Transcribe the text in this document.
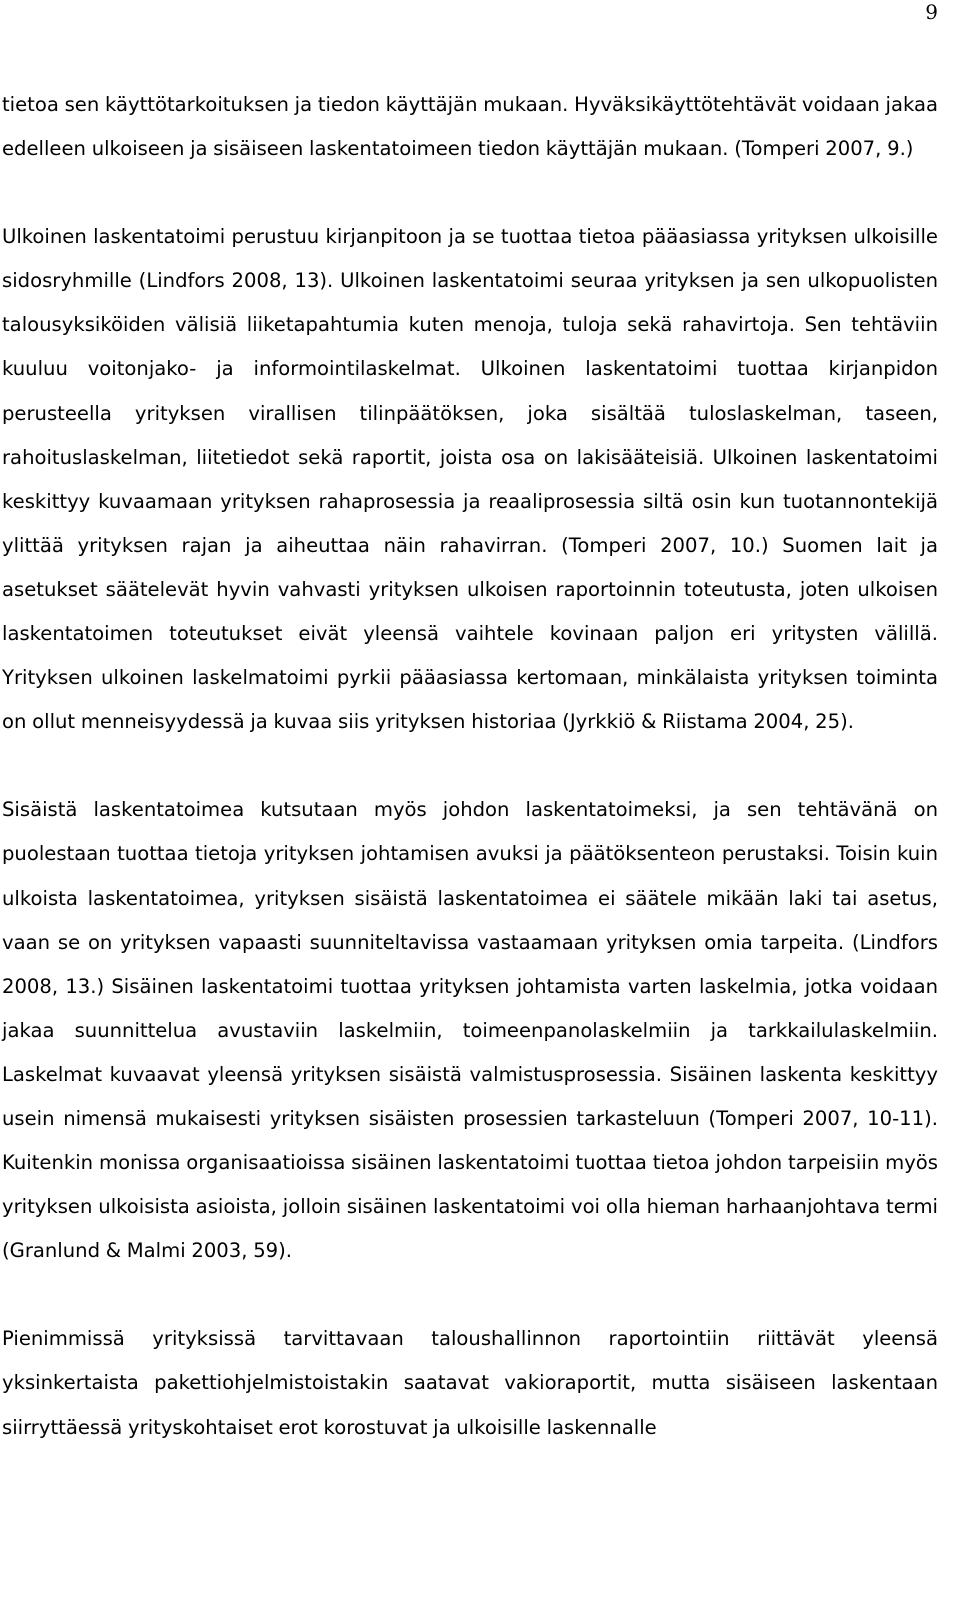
9

tietoa sen käyttötarkoituksen ja tiedon käyttäjän mukaan. Hyväksikäyttötehtävät voidaan jakaa edelleen ulkoiseen ja sisäiseen laskentatoimeen tiedon käyttäjän mukaan. (Tomperi 2007, 9.)

Ulkoinen laskentatoimi perustuu kirjanpitoon ja se tuottaa tietoa pääasiassa yrityksen ulkoisille sidosryhmille (Lindfors 2008, 13). Ulkoinen laskentatoimi seuraa yrityksen ja sen ulkopuolisten talousyksiköiden välisiä liiketapahtumia kuten menoja, tuloja sekä rahavirtoja. Sen tehtäviin kuuluu voitonjako- ja informointilaskelmat. Ulkoinen laskentatoimi tuottaa kirjanpidon perusteella yrityksen virallisen tilinpäätöksen, joka sisältää tuloslaskelman, taseen, rahoituslaskelman, liitetiedot sekä raportit, joista osa on lakisääteisiä. Ulkoinen laskentatoimi keskittyy kuvaamaan yrityksen rahaprosessia ja reaaliprosessia siltä osin kun tuotannontekijä ylittää yrityksen rajan ja aiheuttaa näin rahavirran. (Tomperi 2007, 10.) Suomen lait ja asetukset säätelevät hyvin vahvasti yrityksen ulkoisen raportoinnin toteutusta, joten ulkoisen laskentatoimen toteutukset eivät yleensä vaihtele kovinaan paljon eri yritysten välillä. Yrityksen ulkoinen laskelmatoimi pyrkii pääasiassa kertomaan, minkälaista yrityksen toiminta on ollut menneisyydessä ja kuvaa siis yrityksen historiaa (Jyrkkiö & Riistama 2004, 25).

Sisäistä laskentatoimea kutsutaan myös johdon laskentatoimeksi, ja sen tehtävänä on puolestaan tuottaa tietoja yrityksen johtamisen avuksi ja päätöksenteon perustaksi. Toisin kuin ulkoista laskentatoimea, yrityksen sisäistä laskentatoimea ei säätele mikään laki tai asetus, vaan se on yrityksen vapaasti suunniteltavissa vastaamaan yrityksen omia tarpeita. (Lindfors 2008, 13.) Sisäinen laskentatoimi tuottaa yrityksen johtamista varten laskelmia, jotka voidaan jakaa suunnittelua avustaviin laskelmiin, toimeenpanolaskelmiin ja tarkkailulaskelmiin. Laskelmat kuvaavat yleensä yrityksen sisäistä valmistusprosessia. Sisäinen laskenta keskittyy usein nimensä mukaisesti yrityksen sisäisten prosessien tarkasteluun (Tomperi 2007, 10-11). Kuitenkin monissa organisaatioissa sisäinen laskentatoimi tuottaa tietoa johdon tarpeisiin myös yrityksen ulkoisista asioista, jolloin sisäinen laskentatoimi voi olla hieman harhaanjohtava termi (Granlund & Malmi 2003, 59).

Pienimmissä yrityksissä tarvittavaan taloushallinnon raportointiin riittävät yleensä yksinkertaista pakettiohjelmistoistakin saatavat vakioraportit, mutta sisäiseen laskentaan siirryttäessä yrityskohtaiset erot korostuvat ja ulkoisille laskennalle
